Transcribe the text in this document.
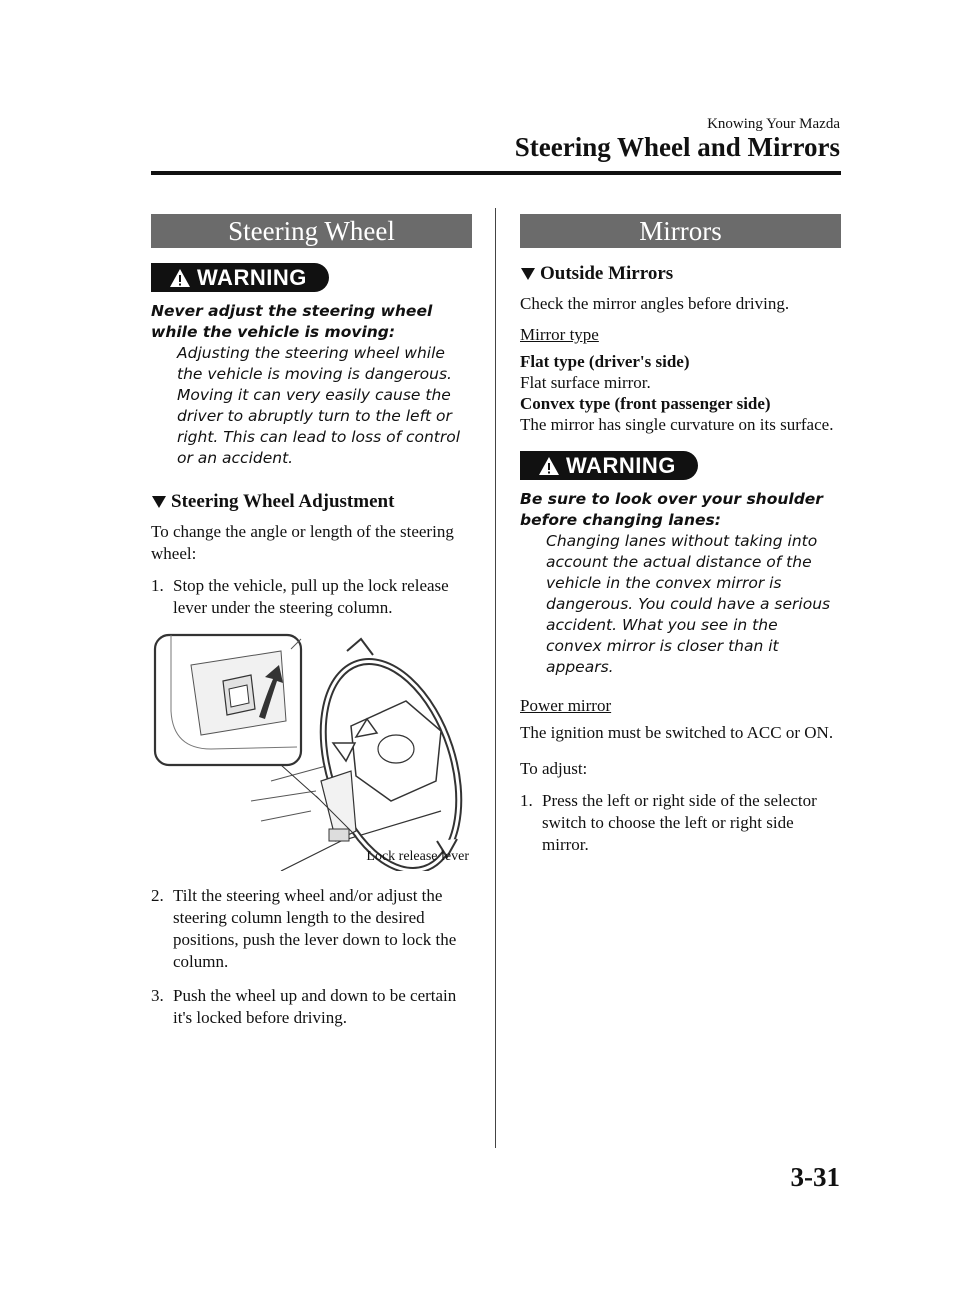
Knowing Your Mazda
Steering Wheel and Mirrors
Steering Wheel
WARNING
Never adjust the steering wheel while the vehicle is moving:
Adjusting the steering wheel while the vehicle is moving is dangerous. Moving it can very easily cause the driver to abruptly turn to the left or right. This can lead to loss of control or an accident.
Steering Wheel Adjustment

To change the angle or length of the steering wheel:

1. Stop the vehicle, pull up the lock release lever under the steering column.
Lock release lever
2. Tilt the steering wheel and/or adjust the steering column length to the desired positions, push the lever down to lock the column.
3. Push the wheel up and down to be certain it's locked before driving.
Mirrors
Outside Mirrors

Check the mirror angles before driving.

Mirror type
Flat type (driver's side)
Flat surface mirror.
Convex type (front passenger side)
The mirror has single curvature on its surface.
WARNING
Be sure to look over your shoulder before changing lanes:
Changing lanes without taking into account the actual distance of the vehicle in the convex mirror is dangerous. You could have a serious accident. What you see in the convex mirror is closer than it appears.
Power mirror

The ignition must be switched to ACC or ON.

To adjust:

1. Press the left or right side of the selector switch to choose the left or right side mirror.
3-31
